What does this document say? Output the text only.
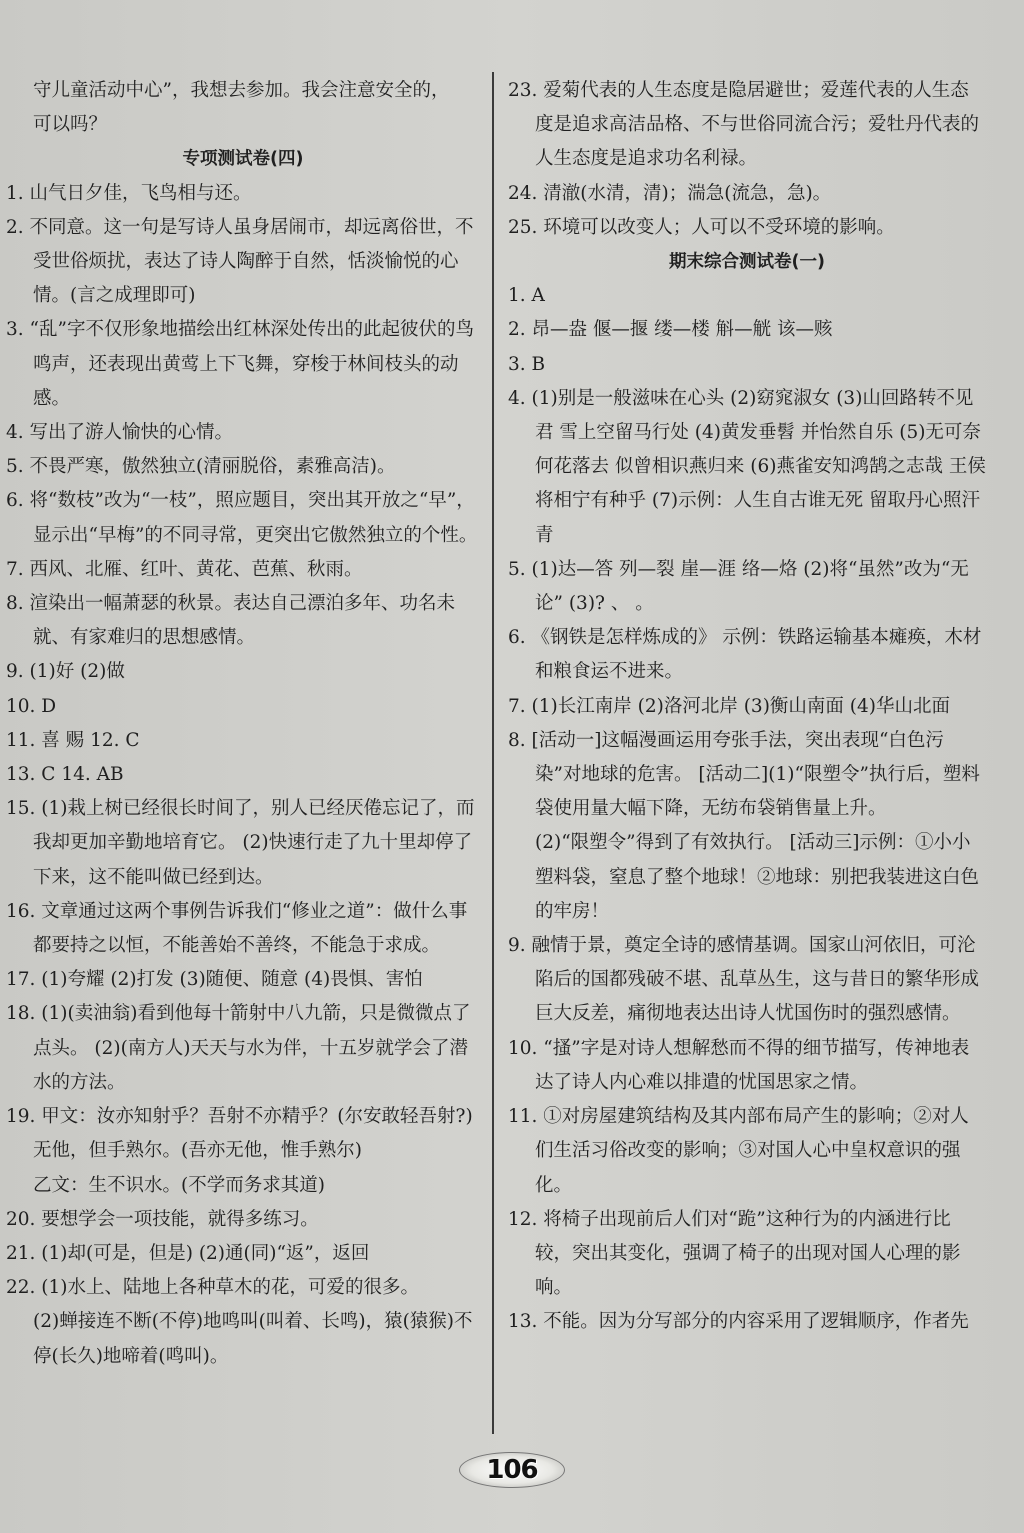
守儿童活动中心”，我想去参加。我会注意安全的，

可以吗？

专项测试卷(四)

1. 山气日夕佳，飞鸟相与还。

2. 不同意。这一句是写诗人虽身居闹市，却远离俗世，不受世俗烦扰，表达了诗人陶醉于自然，恬淡愉悦的心情。(言之成理即可)

3. “乱”字不仅形象地描绘出红林深处传出的此起彼伏的鸟鸣声，还表现出黄莺上下飞舞，穿梭于林间枝头的动感。

4. 写出了游人愉快的心情。

5. 不畏严寒，傲然独立(清丽脱俗，素雅高洁)。

6. 将“数枝”改为“一枝”，照应题目，突出其开放之“早”，显示出“早梅”的不同寻常，更突出它傲然独立的个性。

7. 西风、北雁、红叶、黄花、芭蕉、秋雨。

8. 渲染出一幅萧瑟的秋景。表达自己漂泊多年、功名未就、有家难归的思想感情。

9. (1)好 (2)做

10. D

11. 喜 赐 12. C

13. C 14. AB

15. (1)栽上树已经很长时间了，别人已经厌倦忘记了，而我却更加辛勤地培育它。 (2)快速行走了九十里却停了下来，这不能叫做已经到达。

16. 文章通过这两个事例告诉我们“修业之道”：做什么事都要持之以恒，不能善始不善终，不能急于求成。

17. (1)夸耀 (2)打发 (3)随便、随意 (4)畏惧、害怕

18. (1)(卖油翁)看到他每十箭射中八九箭，只是微微点了点头。 (2)(南方人)天天与水为伴，十五岁就学会了潜水的方法。

19. 甲文：汝亦知射乎？吾射不亦精乎？(尔安敢轻吾射?) 无他，但手熟尔。(吾亦无他，惟手熟尔)

乙文：生不识水。(不学而务求其道)

20. 要想学会一项技能，就得多练习。

21. (1)却(可是，但是) (2)通(同)“返”，返回

22. (1)水上、陆地上各种草木的花，可爱的很多。

(2)蝉接连不断(不停)地鸣叫(叫着、长鸣)，猿(猿猴)不停(长久)地啼着(鸣叫)。

23. 爱菊代表的人生态度是隐居避世；爱莲代表的人生态度是追求高洁品格、不与世俗同流合污；爱牡丹代表的人生态度是追求功名利禄。

24. 清澈(水清，清)；湍急(流急，急)。

25. 环境可以改变人；人可以不受环境的影响。

期末综合测试卷(一)

1. A

2. 昂—盎 偃—揠 缕—楼 斛—觥 该—赅

3. B

4. (1)别是一般滋味在心头 (2)窈窕淑女 (3)山回路转不见君 雪上空留马行处 (4)黄发垂髫 并怡然自乐 (5)无可奈何花落去 似曾相识燕归来 (6)燕雀安知鸿鹄之志哉 王侯将相宁有种乎 (7)示例：人生自古谁无死 留取丹心照汗青

5. (1)达—答 列—裂 崖—涯 络—烙 (2)将“虽然”改为“无论” (3)? 、 。

6. 《钢铁是怎样炼成的》 示例：铁路运输基本瘫痪，木材和粮食运不进来。

7. (1)长江南岸 (2)洛河北岸 (3)衡山南面 (4)华山北面

8. [活动一]这幅漫画运用夸张手法，突出表现“白色污染”对地球的危害。 [活动二](1)“限塑令”执行后，塑料袋使用量大幅下降，无纺布袋销售量上升。

(2)“限塑令”得到了有效执行。 [活动三]示例：①小小塑料袋，窒息了整个地球！②地球：别把我装进这白色的牢房！

9. 融情于景，奠定全诗的感情基调。国家山河依旧，可沦陷后的国都残破不堪、乱草丛生，这与昔日的繁华形成巨大反差，痛彻地表达出诗人忧国伤时的强烈感情。

10. “搔”字是对诗人想解愁而不得的细节描写，传神地表达了诗人内心难以排遣的忧国思家之情。

11. ①对房屋建筑结构及其内部布局产生的影响；②对人们生活习俗改变的影响；③对国人心中皇权意识的强化。

12. 将椅子出现前后人们对“跪”这种行为的内涵进行比较，突出其变化，强调了椅子的出现对国人心理的影响。

13. 不能。因为分写部分的内容采用了逻辑顺序，作者先

106
